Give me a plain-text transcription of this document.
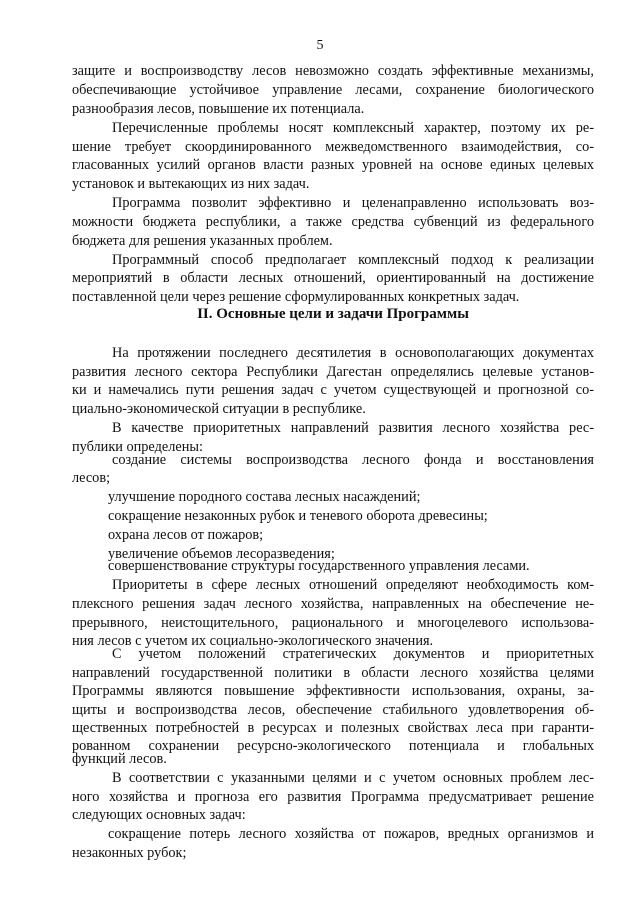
5
защите и воспроизводству лесов невозможно создать эффективные механизмы,
обеспечивающие устойчивое управление лесами, сохранение биологического
разнообразия лесов, повышение их потенциала.
Перечисленные проблемы носят комплексный характер, поэтому их ре-
шение требует скоординированного межведомственного взаимодействия, со-
гласованных усилий органов власти разных уровней на основе единых целевых
установок и вытекающих из них задач.
Программа позволит эффективно и целенаправленно использовать воз-
можности бюджета республики, а также средства субвенций из федерального
бюджета для решения указанных проблем.
Программный способ предполагает комплексный подход к реализации
мероприятий в области лесных отношений, ориентированный на достижение
поставленной цели через решение сформулированных конкретных задач.
II. Основные цели и задачи Программы
На протяжении последнего десятилетия в основополагающих документах
развития лесного сектора Республики Дагестан определялись целевые установ-
ки и намечались пути решения задач с учетом существующей и прогнозной со-
циально-экономической ситуации в республике.
В качестве приоритетных направлений развития лесного хозяйства рес-
публики определены:
создание системы воспроизводства лесного фонда и восстановления
лесов;
улучшение породного состава лесных насаждений;
сокращение незаконных рубок и теневого оборота древесины;
охрана лесов от пожаров;
увеличение объемов лесоразведения;
совершенствование структуры государственного управления лесами.
Приоритеты в сфере лесных отношений определяют необходимость ком-
плексного решения задач лесного хозяйства, направленных на обеспечение не-
прерывного, неистощительного, рационального и многоцелевого использова-
ния лесов с учетом их социально-экологического значения.
С учетом положений стратегических документов и приоритетных
направлений государственной политики в области лесного хозяйства целями
Программы являются повышение эффективности использования, охраны, за-
щиты и воспроизводства лесов, обеспечение стабильного удовлетворения об-
щественных потребностей в ресурсах и полезных свойствах леса при гаранти-
рованном сохранении ресурсно-экологического потенциала и глобальных
функций лесов.
В соответствии с указанными целями и с учетом основных проблем лес-
ного хозяйства и прогноза его развития Программа предусматривает решение
следующих основных задач:
сокращение потерь лесного хозяйства от пожаров, вредных организмов и
незаконных рубок;
